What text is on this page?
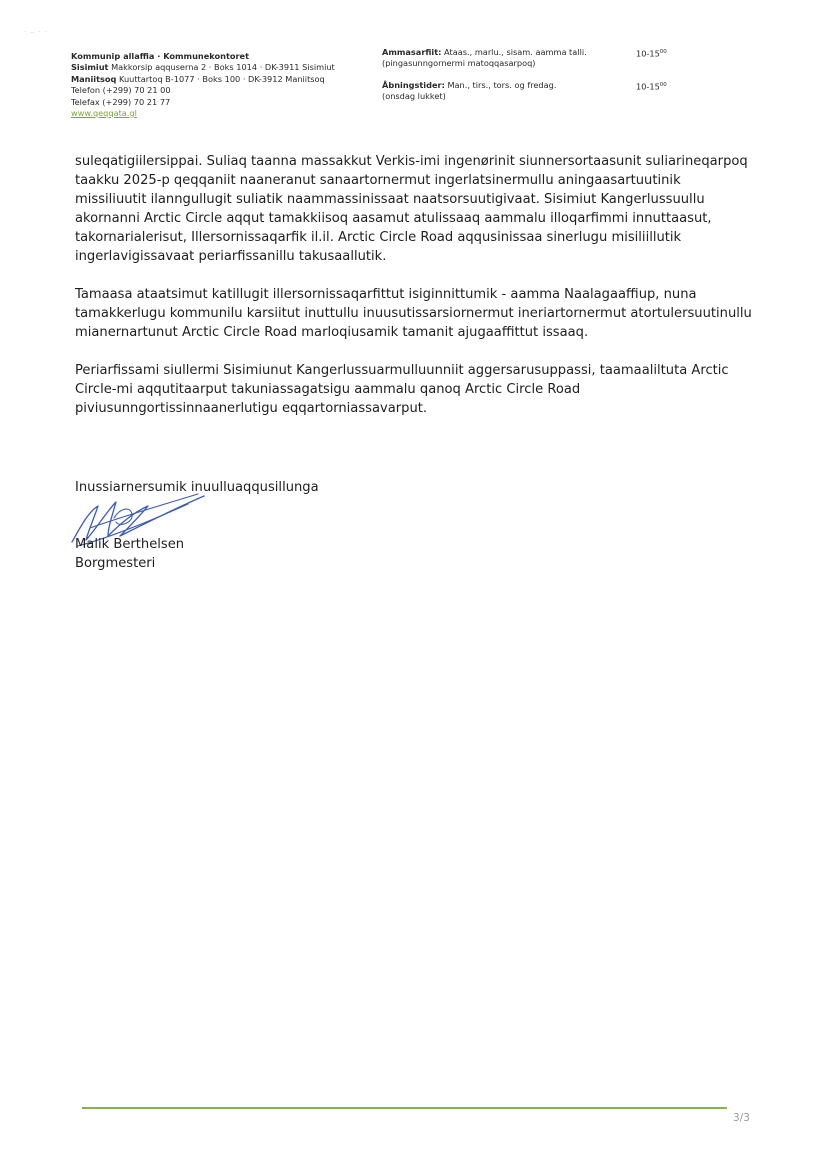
· – · ·
Kommunip allaffia · Kommunekontoret
Sisimiut Makkorsip aqquserna 2 · Boks 1014 · DK-3911 Sisimiut
Maniitsoq Kuuttartoq B-1077 · Boks 100 · DK-3912 Maniitsoq
Telefon (+299) 70 21 00
Telefax (+299) 70 21 77
www.qeqqata.gl
Ammasarfiit: Ataas., marlu., sisam. aamma talli.
(pingasunngornermi matoqqasarpoq)
$10-15^{00}$
Åbningstider: Man., tirs., tors. og fredag.
(onsdag lukket)
$10-15^{00}$

suleqatigiilersippai. Suliaq taanna massakkut Verkis-imi ingenørinit siunnersortaasunit suliarineqarpoq taakku 2025-p qeqqaniit naaneranut sanaartornermut ingerlatsinermullu aningaasartuutinik missiliuutit ilanngullugit suliatik naammassinissaat naatsorsuutigivaat. Sisimiut Kangerlussuullu akornanni Arctic Circle aqqut tamakkiisoq aasamut atulissaaq aammalu illoqarfimmi innuttaasut, takornarialerisut, Illersornissaqarfik il.il. Arctic Circle Road aqqusinissaa sinerlugu misiliillutik ingerlavigissavaat periarfissanillu takusaallutik.

Tamaasa ataatsimut katillugit illersornissaqarfittut isiginnittumik - aamma Naalagaaffiup, nuna tamakkerlugu kommunilu karsiitut inuttullu inuusutissarsiornermut ineriartornermut atortulersuutinullu mianernartunut Arctic Circle Road marloqiusamik tamanit ajugaaffittut issaaq.

Periarfissami siullermi Sisimiunut Kangerlussuarmulluunniit aggersarusuppassi, taamaaliltuta Arctic Circle-mi aqqutitaarput takuniassagatsigu aammalu qanoq Arctic Circle Road piviusunngortissinnaanerlutigu eqqartorniassavarput.

Inussiarnersumik inuulluaqqusillunga
Malik Berthelsen
Borgmesteri
3/3
